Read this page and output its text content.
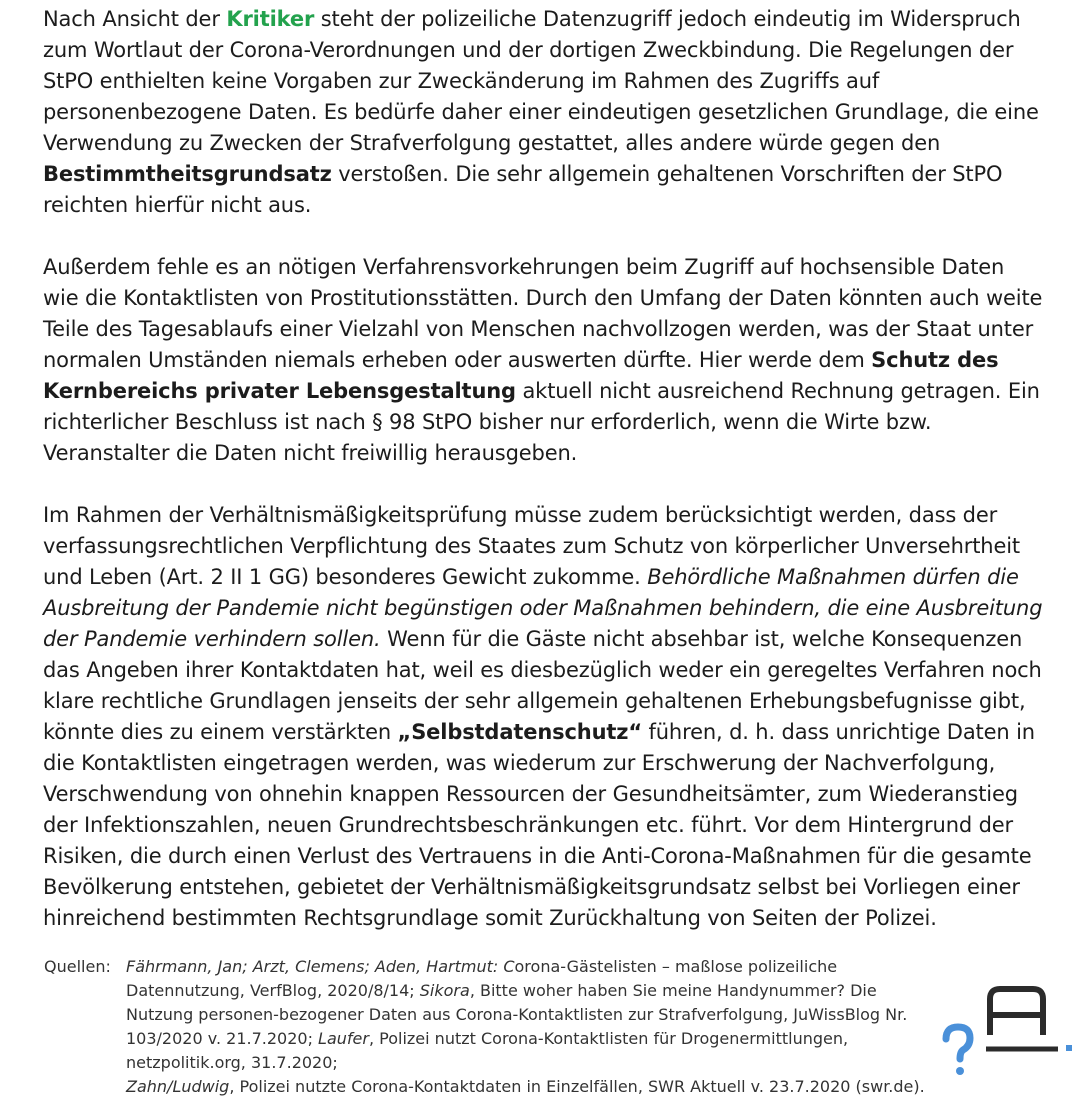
Nach Ansicht der Kritiker steht der polizeiliche Datenzugriff jedoch eindeutig im Widerspruch zum Wortlaut der Corona-Verordnungen und der dortigen Zweckbindung. Die Regelungen der StPO enthielten keine Vorgaben zur Zweckänderung im Rahmen des Zugriffs auf personenbezogene Daten. Es bedürfe daher einer eindeutigen gesetzlichen Grundlage, die eine Verwendung zu Zwecken der Strafverfolgung gestattet, alles andere würde gegen den Bestimmtheitsgrundsatz verstoßen. Die sehr allgemein gehaltenen Vorschriften der StPO reichten hierfür nicht aus.

Außerdem fehle es an nötigen Verfahrensvorkehrungen beim Zugriff auf hochsensible Daten wie die Kontaktlisten von Prostitutionsstätten. Durch den Umfang der Daten könnten auch weite Teile des Tagesablaufs einer Vielzahl von Menschen nachvollzogen werden, was der Staat unter normalen Umständen niemals erheben oder auswerten dürfte. Hier werde dem Schutz des Kernbereichs privater Lebensgestaltung aktuell nicht ausreichend Rechnung getragen. Ein richterlicher Beschluss ist nach § 98 StPO bisher nur erforderlich, wenn die Wirte bzw. Veranstalter die Daten nicht freiwillig herausgeben.

Im Rahmen der Verhältnismäßigkeitsprüfung müsse zudem berücksichtigt werden, dass der verfassungsrechtlichen Verpflichtung des Staates zum Schutz von körperlicher Unversehrtheit und Leben (Art. 2 II 1 GG) besonderes Gewicht zukomme. Behördliche Maßnahmen dürfen die Ausbreitung der Pandemie nicht begünstigen oder Maßnahmen behindern, die eine Ausbreitung der Pandemie verhindern sollen. Wenn für die Gäste nicht absehbar ist, welche Konsequenzen das Angeben ihrer Kontaktdaten hat, weil es diesbezüglich weder ein geregeltes Verfahren noch klare rechtliche Grundlagen jenseits der sehr allgemein gehaltenen Erhebungsbefugnisse gibt, könnte dies zu einem verstärkten „Selbstdatenschutz“ führen, d. h. dass unrichtige Daten in die Kontaktlisten eingetragen werden, was wiederum zur Erschwerung der Nachverfolgung, Verschwendung von ohnehin knappen Ressourcen der Gesundheitsämter, zum Wiederanstieg der Infektionszahlen, neuen Grundrechtsbeschränkungen etc. führt. Vor dem Hintergrund der Risiken, die durch einen Verlust des Vertrauens in die Anti-Corona-Maßnahmen für die gesamte Bevölkerung entstehen, gebietet der Verhältnismäßigkeitsgrundsatz selbst bei Vorliegen einer hinreichend bestimmten Rechtsgrundlage somit Zurückhaltung von Seiten der Polizei.

Quellen: Fährmann, Jan; Arzt, Clemens; Aden, Hartmut: Corona-Gästelisten – maßlose polizeiliche Datennutzung, VerfBlog, 2020/8/14; Sikora, Bitte woher haben Sie meine Handynummer? Die Nutzung personen-bezogener Daten aus Corona-Kontaktlisten zur Strafverfolgung, JuWissBlog Nr. 103/2020 v. 21.7.2020; Laufer, Polizei nutzt Corona-Kontaktlisten für Drogenermittlungen, netzpolitik.org, 31.7.2020;
Zahn/Ludwig, Polizei nutzte Corona-Kontaktdaten in Einzelfällen, SWR Aktuell v. 23.7.2020 (swr.de).
